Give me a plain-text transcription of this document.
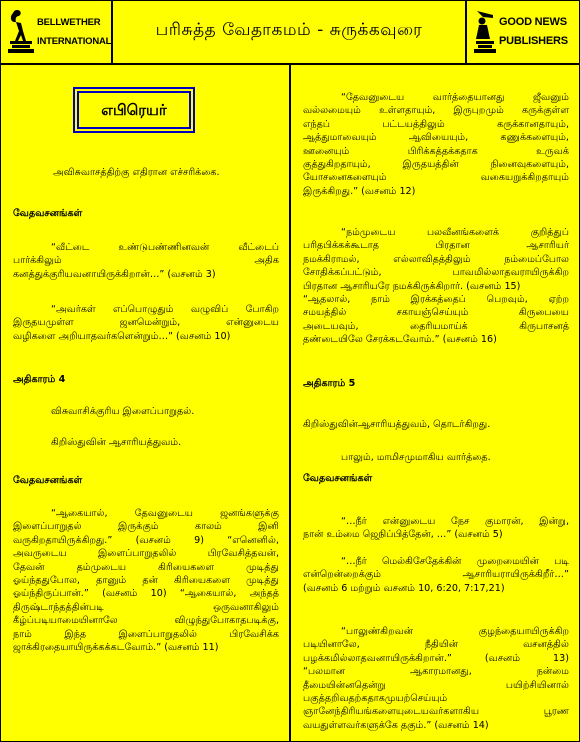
BELLWETHER
INTERNATIONAL
பரிசுத்த வேதாகமம் - சுருக்கவுரை	GOOD NEWS
PUBLISHERS
எபிரெயர்
அவிசுவாசத்திற்கு எதிரான எச்சரிக்கை.
வேதவசனங்கள்
“வீட்டை உண்டுபண்ணினவன் வீட்டைப்
பார்க்கிலும் அதிக
கனத்துக்குரியவனாயிருக்கிறான்…” (வசனம் 3)
“அவர்கள் எப்பொழுதும் வழுவிப் போகிற
இருதயமுள்ள ஜனமென்றும், என்னுடைய
வழிகளை அறியாதவர்களென்றும்…” (வசனம் 10)
அதிகாரம் 4
விசுவாசிக்குரிய இளைப்பாறுதல்.
கிறிஸ்துவின் ஆசாரியத்துவம்.
வேதவசனங்கள்
“ஆகையால், தேவனுடைய ஜனங்களுக்கு
இளைப்பாறுதல் இருக்கும் காலம் இனி
வருகிறதாயிருக்கிறது.” (வசனம் 9) “எனெனில்,
அவருடைய இளைப்பாறுதலில் பிரவேசித்தவன்,
தேவன் தம்முடைய கிரியைகளை முடித்து
ஓய்ந்ததுபோல, தானும் தன் கிரியைகளை முடித்து
ஓய்ந்திருப்பான்.” (வசனம் 10) “ஆகையால், அந்தத்
திருஷ்டாந்தத்தின்படி ஒருவனாகிலும்
கீழ்ப்படியாமையினாலே விழுந்துபோகாதபடிக்கு,
நாம் இந்த இளைப்பாறுதலில் பிரவேசிக்க
ஜாக்கிரதையாயிருக்கக்கடவோம்.” (வசனம் 11)
“தேவனுடைய வார்த்தையானது ஜீவனும்
வல்லமையும் உள்ளதாயும், இருபுறமும் கருக்குள்ள
எந்தப் பட்டயத்திலும் கருக்கானதாயும்,
ஆத்துமாவையும் ஆவியையும், கணுக்களையும்,
ஊனையும் பிரிக்கத்தக்கதாக உருவக்
குத்துகிறதாயும், இருதயத்தின் நினைவுகளையும்,
யோசனைகளையும் வகையறுக்கிறதாயும்
இருக்கிறது.” (வசனம் 12)
“நம்முடைய பலவீனங்களைக் குறித்துப்
பரிதபிக்கக்கூடாத பிரதான ஆசாரியர்
நமக்கிராமல், எல்லாவிதத்திலும் நம்மைப்போல
சோதிக்கப்பட்டும், பாவமில்லாதவராயிருக்கிற
பிரதான ஆசாரியரே நமக்கிருக்கிறார். (வசனம் 15)
“ஆதலால், நாம் இரக்கத்தைப் பெறவும், ஏற்ற
சமயத்தில் சகாயஞ்செய்யும் கிருபையை
அடையவும், தைரியமாய்க் கிருபாசனத்
தண்டையிலே சேரக்கடவோம்.” (வசனம் 16)
அதிகாரம் 5
கிறிஸ்துவின்ஆசாரியத்துவம், தொடர்கிறது.
பாலும், மாமிசமுமாகிய வார்த்தை.
வேதவசனங்கள்
“…நீர் என்னுடைய நேச குமாரன், இன்று,
நான் உம்மை ஜெநிப்பித்தேன், …” (வசனம் 5)
“…நீர் மெல்கிசேதேக்கின் முறைமையின் படி
என்றென்றைக்கும் ஆசாரியராயிருக்கிறீர்…”
(வசனம் 6 மற்றும் வசனம் 10, 6:20, 7:17,21)
“பாலுண்கிறவன் குழந்தையாயிருக்கிற
படியினாலே, நீதியின் வசனத்தில்
பழக்கமில்லாதவனாயிருக்கிறான்.” (வசனம் 13)
“பலமான ஆகாரமானது, நன்மை
தீமையின்னதென்று பயிற்சியினால்
பகுத்தறிவதற்கதாகமுயற்செய்யும்
ஞானேந்திரியங்களையுடையவர்களாகிய பூரண
வயதுள்ளவர்களுக்கே தகும்.” (வசனம் 14)
